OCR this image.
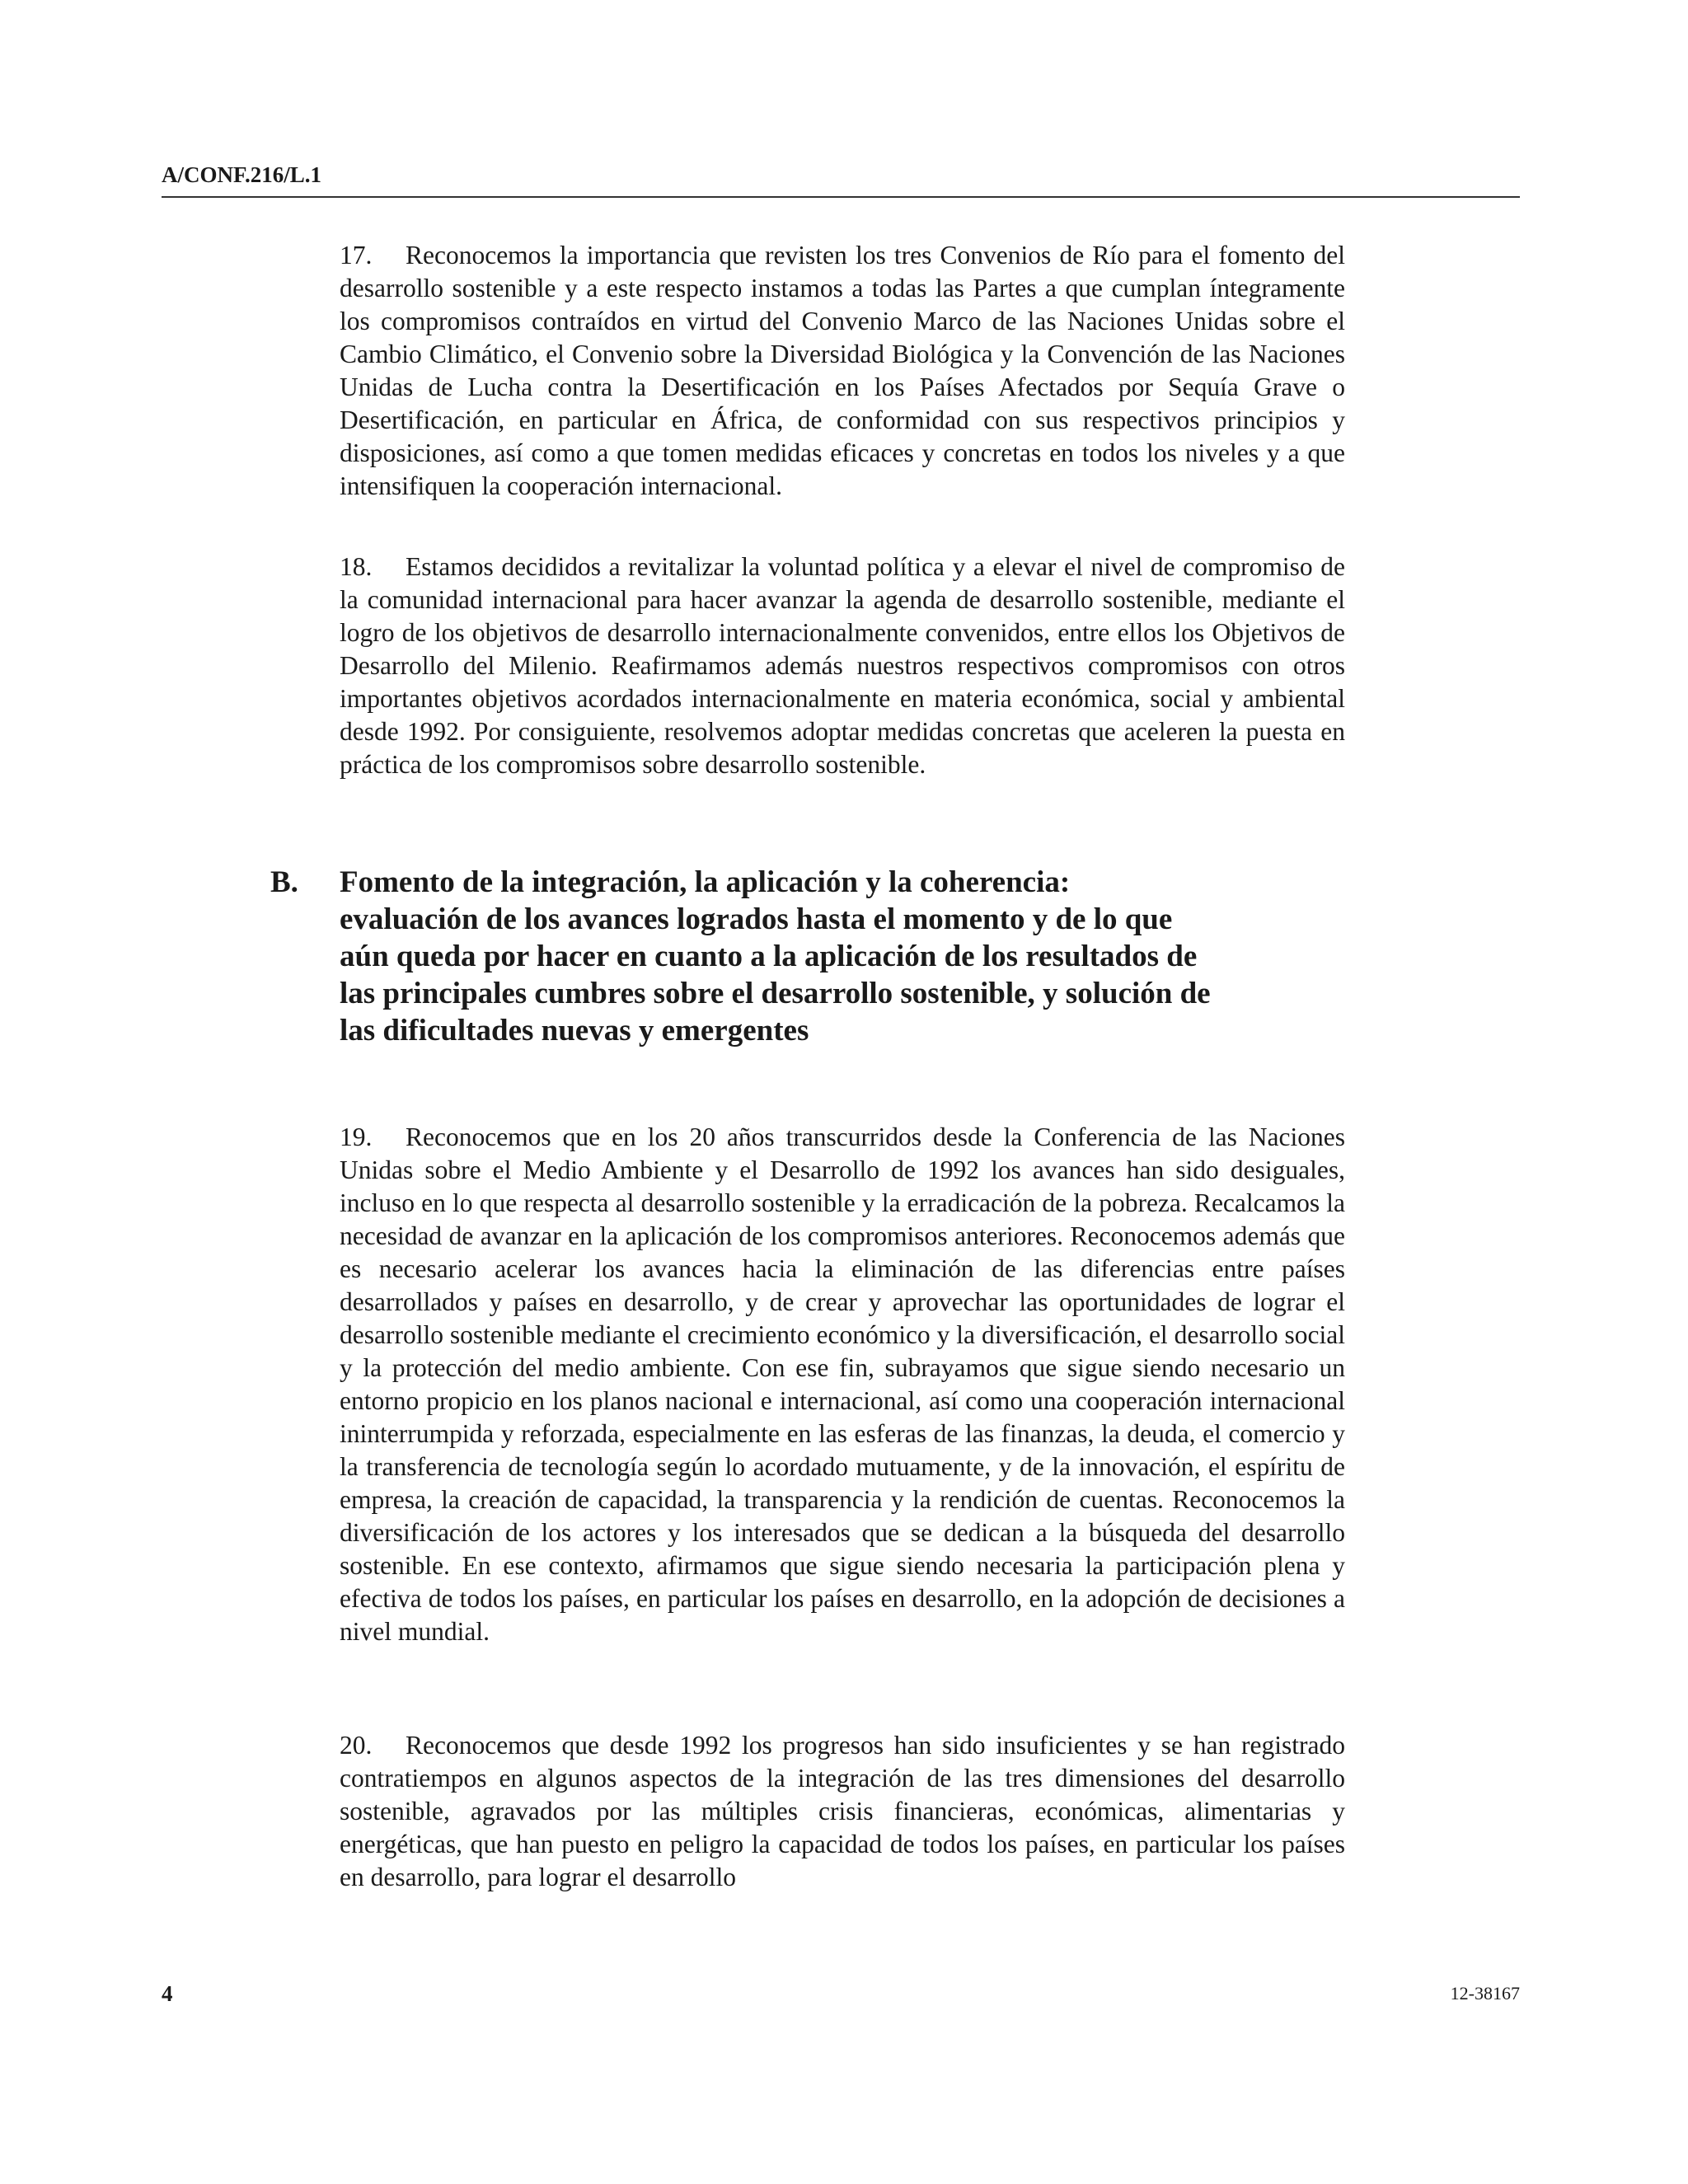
A/CONF.216/L.1

17. Reconocemos la importancia que revisten los tres Convenios de Río para el fomento del desarrollo sostenible y a este respecto instamos a todas las Partes a que cumplan íntegramente los compromisos contraídos en virtud del Convenio Marco de las Naciones Unidas sobre el Cambio Climático, el Convenio sobre la Diversidad Biológica y la Convención de las Naciones Unidas de Lucha contra la Desertificación en los Países Afectados por Sequía Grave o Desertificación, en particular en África, de conformidad con sus respectivos principios y disposiciones, así como a que tomen medidas eficaces y concretas en todos los niveles y a que intensifiquen la cooperación internacional.

18. Estamos decididos a revitalizar la voluntad política y a elevar el nivel de compromiso de la comunidad internacional para hacer avanzar la agenda de desarrollo sostenible, mediante el logro de los objetivos de desarrollo internacionalmente convenidos, entre ellos los Objetivos de Desarrollo del Milenio. Reafirmamos además nuestros respectivos compromisos con otros importantes objetivos acordados internacionalmente en materia económica, social y ambiental desde 1992. Por consiguiente, resolvemos adoptar medidas concretas que aceleren la puesta en práctica de los compromisos sobre desarrollo sostenible.

B. Fomento de la integración, la aplicación y la coherencia: evaluación de los avances logrados hasta el momento y de lo que aún queda por hacer en cuanto a la aplicación de los resultados de las principales cumbres sobre el desarrollo sostenible, y solución de las dificultades nuevas y emergentes

19. Reconocemos que en los 20 años transcurridos desde la Conferencia de las Naciones Unidas sobre el Medio Ambiente y el Desarrollo de 1992 los avances han sido desiguales, incluso en lo que respecta al desarrollo sostenible y la erradicación de la pobreza. Recalcamos la necesidad de avanzar en la aplicación de los compromisos anteriores. Reconocemos además que es necesario acelerar los avances hacia la eliminación de las diferencias entre países desarrollados y países en desarrollo, y de crear y aprovechar las oportunidades de lograr el desarrollo sostenible mediante el crecimiento económico y la diversificación, el desarrollo social y la protección del medio ambiente. Con ese fin, subrayamos que sigue siendo necesario un entorno propicio en los planos nacional e internacional, así como una cooperación internacional ininterrumpida y reforzada, especialmente en las esferas de las finanzas, la deuda, el comercio y la transferencia de tecnología según lo acordado mutuamente, y de la innovación, el espíritu de empresa, la creación de capacidad, la transparencia y la rendición de cuentas. Reconocemos la diversificación de los actores y los interesados que se dedican a la búsqueda del desarrollo sostenible. En ese contexto, afirmamos que sigue siendo necesaria la participación plena y efectiva de todos los países, en particular los países en desarrollo, en la adopción de decisiones a nivel mundial.

20. Reconocemos que desde 1992 los progresos han sido insuficientes y se han registrado contratiempos en algunos aspectos de la integración de las tres dimensiones del desarrollo sostenible, agravados por las múltiples crisis financieras, económicas, alimentarias y energéticas, que han puesto en peligro la capacidad de todos los países, en particular los países en desarrollo, para lograr el desarrollo

4	12-38167
